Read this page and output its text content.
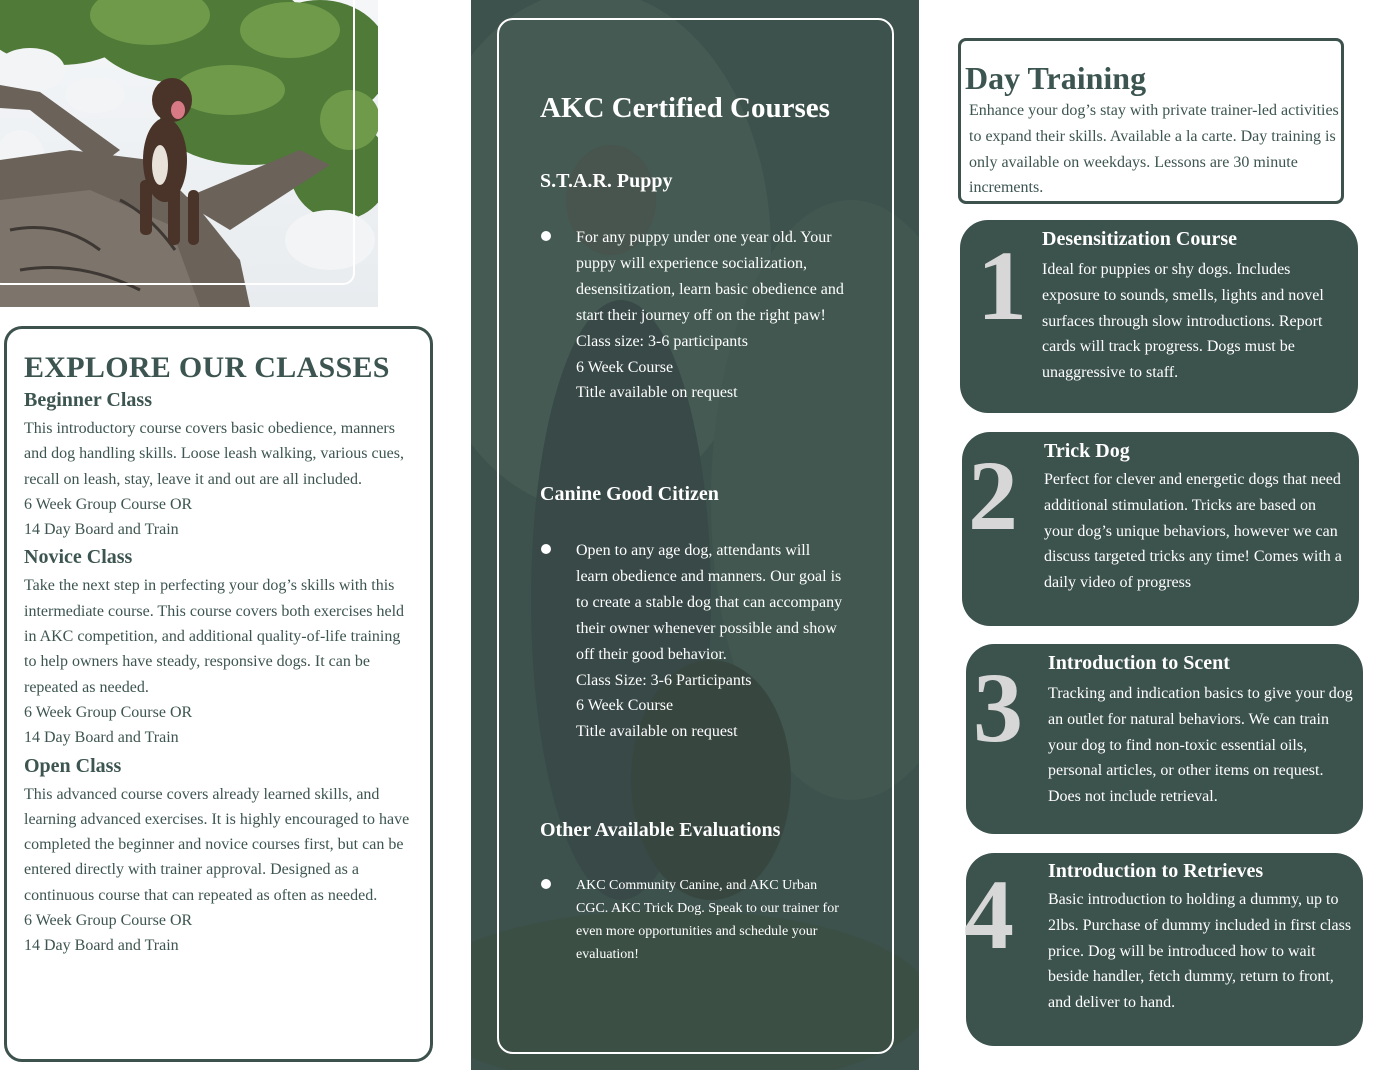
EXPLORE OUR CLASSES
Beginner Class

This introductory course covers basic obedience, manners and dog handling skills. Loose leash walking, various cues, recall on leash, stay, leave it and out are all included.

6 Week Group Course OR

14 Day Board and Train

Novice Class

Take the next step in perfecting your dog’s skills with this intermediate course. This course covers both exercises held in AKC competition, and additional quality-of-life training to help owners have steady, responsive dogs. It can be repeated as needed.

6 Week Group Course OR

14 Day Board and Train

Open Class

This advanced course covers already learned skills, and learning advanced exercises. It is highly encouraged to have completed the beginner and novice courses first, but can be entered directly with trainer approval. Designed as a continuous course that can repeated as often as needed.

6 Week Group Course OR

14 Day Board and Train

AKC Certified Courses
S.T.A.R. Puppy
For any puppy under one year old. Your puppy will experience socialization, desensitization, learn basic obedience and start their journey off on the right paw!
Class size: 3-6 participants
6 Week Course
Title available on request
Canine Good Citizen
Open to any age dog, attendants will learn obedience and manners. Our goal is to create a stable dog that can accompany their owner whenever possible and show off their good behavior.
Class Size: 3-6 Participants
6 Week Course
Title available on request
Other Available Evaluations
AKC Community Canine, and AKC Urban CGC. AKC Trick Dog. Speak to our trainer for even more opportunities and schedule your evaluation!
Day Training
Enhance your dog’s stay with private trainer-led activities to expand their skills. Available a la carte. Day training is only available on weekdays. Lessons are 30 minute increments.
1 Desensitization Course
Ideal for puppies or shy dogs. Includes exposure to sounds, smells, lights and novel surfaces through slow introductions. Report cards will track progress. Dogs must be unaggressive to staff.
2 Trick Dog
Perfect for clever and energetic dogs that need additional stimulation. Tricks are based on your dog’s unique behaviors, however we can discuss targeted tricks any time! Comes with a daily video of progress
3 Introduction to Scent
Tracking and indication basics to give your dog an outlet for natural behaviors. We can train your dog to find non-toxic essential oils, personal articles, or other items on request. Does not include retrieval.
4 Introduction to Retrieves
Basic introduction to holding a dummy, up to 2lbs. Purchase of dummy included in first class price. Dog will be introduced how to wait beside handler, fetch dummy, return to front, and deliver to hand.
